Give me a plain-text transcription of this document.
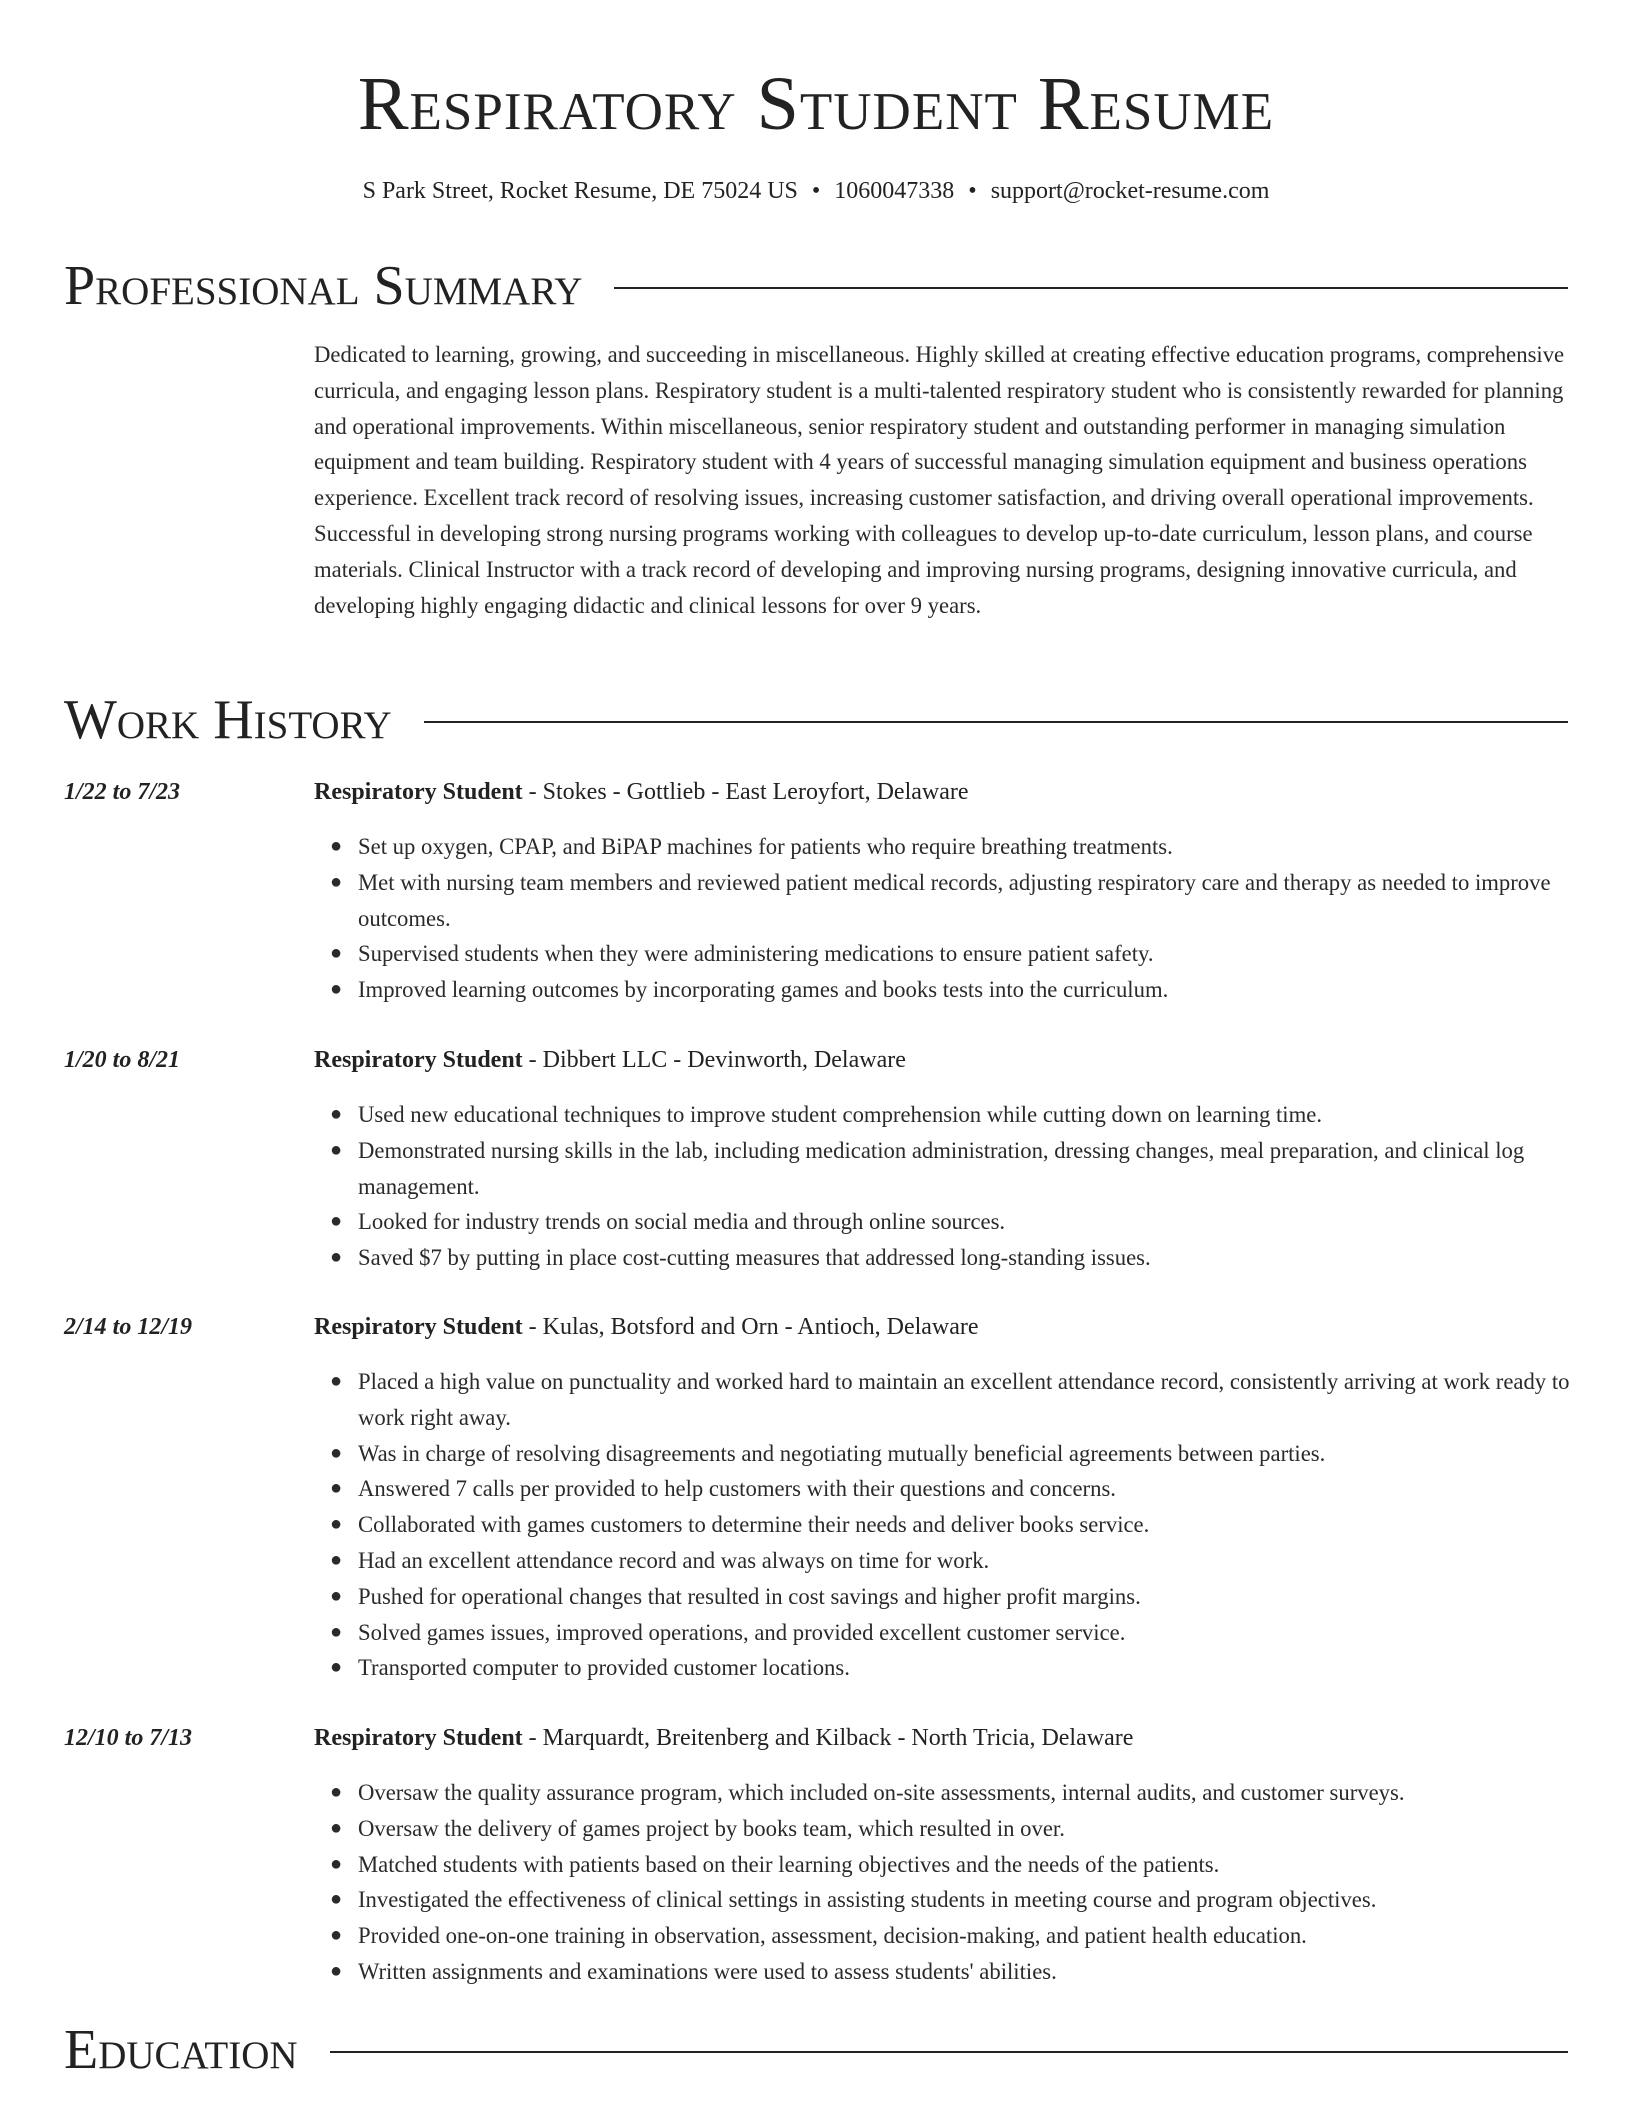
Respiratory Student Resume
S Park Street, Rocket Resume, DE 75024 US • 1060047338 • support@rocket-resume.com
Professional Summary
Dedicated to learning, growing, and succeeding in miscellaneous. Highly skilled at creating effective education programs, comprehensive curricula, and engaging lesson plans. Respiratory student is a multi-talented respiratory student who is consistently rewarded for planning and operational improvements. Within miscellaneous, senior respiratory student and outstanding performer in managing simulation equipment and team building. Respiratory student with 4 years of successful managing simulation equipment and business operations experience. Excellent track record of resolving issues, increasing customer satisfaction, and driving overall operational improvements. Successful in developing strong nursing programs working with colleagues to develop up-to-date curriculum, lesson plans, and course materials. Clinical Instructor with a track record of developing and improving nursing programs, designing innovative curricula, and developing highly engaging didactic and clinical lessons for over 9 years.
Work History
1/22 to 7/23	Respiratory Student - Stokes - Gottlieb - East Leroyfort, Delaware
● Set up oxygen, CPAP, and BiPAP machines for patients who require breathing treatments.
● Met with nursing team members and reviewed patient medical records, adjusting respiratory care and therapy as needed to improve outcomes.
● Supervised students when they were administering medications to ensure patient safety.
● Improved learning outcomes by incorporating games and books tests into the curriculum.
1/20 to 8/21	Respiratory Student - Dibbert LLC - Devinworth, Delaware
● Used new educational techniques to improve student comprehension while cutting down on learning time.
● Demonstrated nursing skills in the lab, including medication administration, dressing changes, meal preparation, and clinical log management.
● Looked for industry trends on social media and through online sources.
● Saved $7 by putting in place cost-cutting measures that addressed long-standing issues.
2/14 to 12/19	Respiratory Student - Kulas, Botsford and Orn - Antioch, Delaware
● Placed a high value on punctuality and worked hard to maintain an excellent attendance record, consistently arriving at work ready to work right away.
● Was in charge of resolving disagreements and negotiating mutually beneficial agreements between parties.
● Answered 7 calls per provided to help customers with their questions and concerns.
● Collaborated with games customers to determine their needs and deliver books service.
● Had an excellent attendance record and was always on time for work.
● Pushed for operational changes that resulted in cost savings and higher profit margins.
● Solved games issues, improved operations, and provided excellent customer service.
● Transported computer to provided customer locations.
12/10 to 7/13	Respiratory Student - Marquardt, Breitenberg and Kilback - North Tricia, Delaware
● Oversaw the quality assurance program, which included on-site assessments, internal audits, and customer surveys.
● Oversaw the delivery of games project by books team, which resulted in over.
● Matched students with patients based on their learning objectives and the needs of the patients.
● Investigated the effectiveness of clinical settings in assisting students in meeting course and program objectives.
● Provided one-on-one training in observation, assessment, decision-making, and patient health education.
● Written assignments and examinations were used to assess students' abilities.
Education
